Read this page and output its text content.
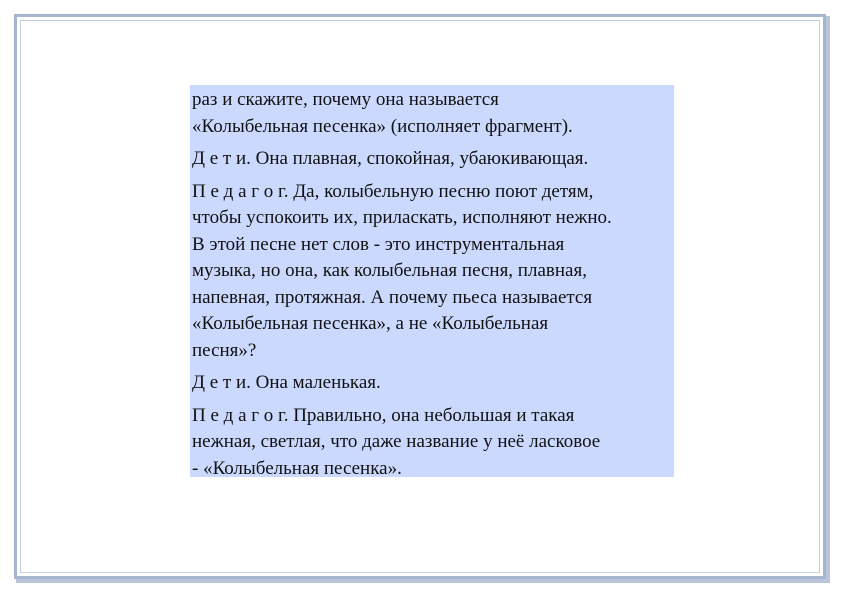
раз и скажите, почему она называется
«Колыбельная песенка» (исполняет фрагмент).

Д е т и. Она плавная, спокойная, убаюкивающая.

П е д а г о г. Да, колыбельную песню поют детям,
чтобы успокоить их, приласкать, исполняют нежно.
В этой песне нет слов - это инструментальная
музыка, но она, как колыбельная песня, плавная,
напевная, протяжная. А почему пьеса называется
«Колыбельная песенка», а не «Колыбельная
песня»?

Д е т и. Она маленькая.

П е д а г о г. Правильно, она небольшая и такая
нежная, светлая, что даже название у неё ласковое
- «Колыбельная песенка».
